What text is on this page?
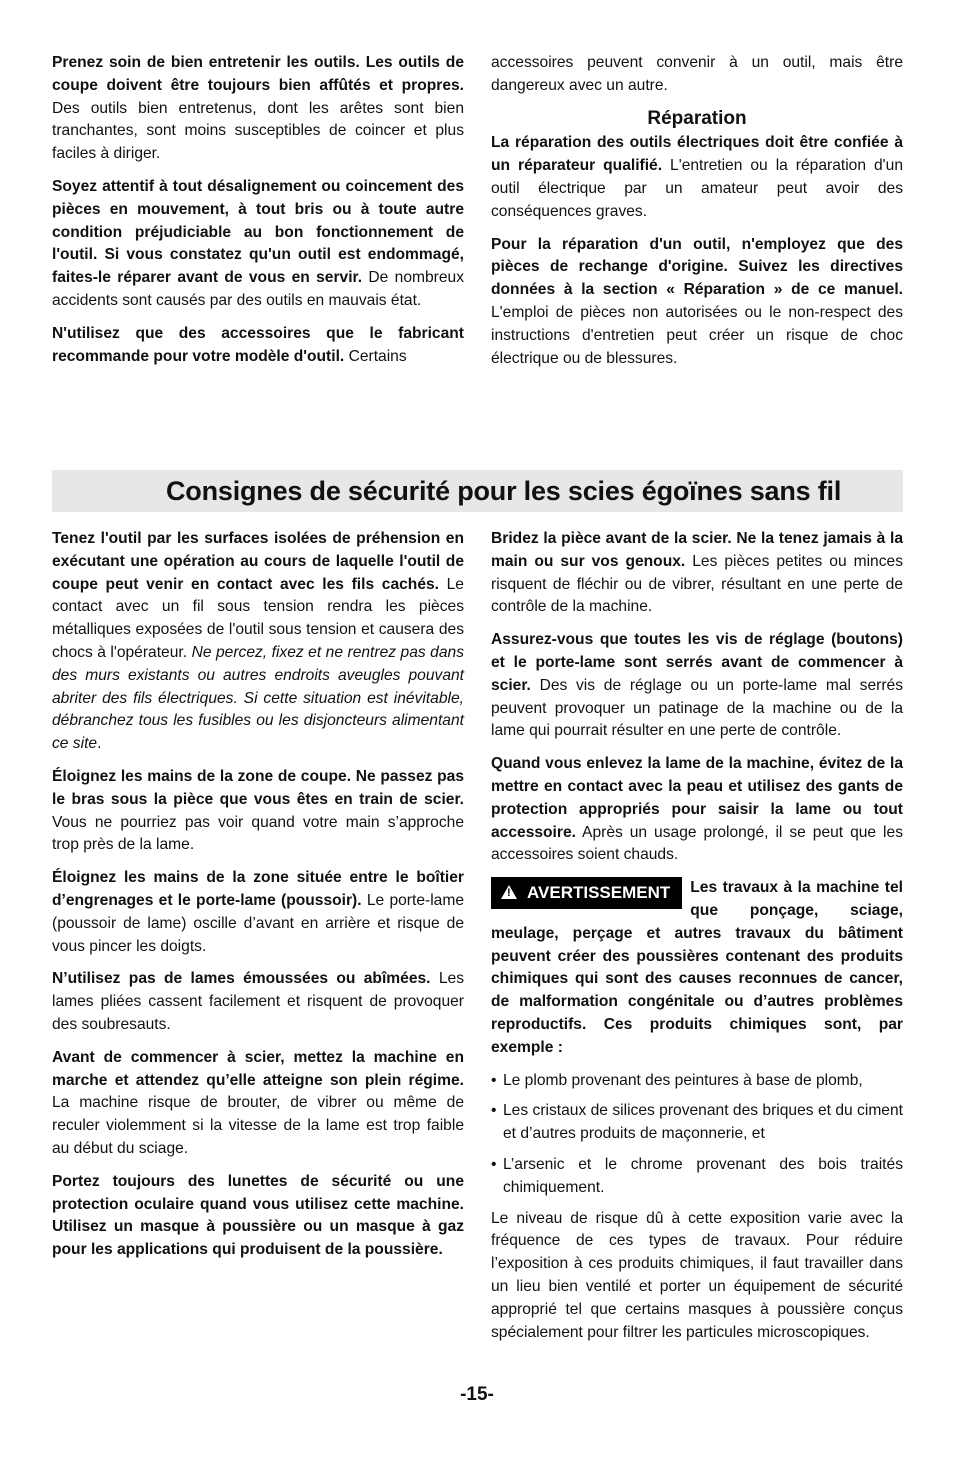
Prenez soin de bien entretenir les outils. Les outils de coupe doivent être toujours bien affûtés et propres. Des outils bien entretenus, dont les arêtes sont bien tranchantes, sont moins susceptibles de coincer et plus faciles à diriger.

Soyez attentif à tout désalignement ou coincement des pièces en mouvement, à tout bris ou à toute autre condition préjudiciable au bon fonctionnement de l'outil. Si vous constatez qu'un outil est endommagé, faites-le réparer avant de vous en servir. De nombreux accidents sont causés par des outils en mauvais état.

N'utilisez que des accessoires que le fabricant recommande pour votre modèle d'outil. Certains

accessoires peuvent convenir à un outil, mais être dangereux avec un autre.

Réparation

La réparation des outils électriques doit être confiée à un réparateur qualifié. L'entretien ou la réparation d'un outil électrique par un amateur peut avoir des conséquences graves.

Pour la réparation d'un outil, n'employez que des pièces de rechange d'origine. Suivez les directives données à la section « Réparation » de ce manuel. L'emploi de pièces non autorisées ou le non-respect des instructions d'entretien peut créer un risque de choc électrique ou de blessures.

Consignes de sécurité pour les scies égoïnes sans fil

Tenez l'outil par les surfaces isolées de préhension en exécutant une opération au cours de laquelle l'outil de coupe peut venir en contact avec les fils cachés. Le contact avec un fil sous tension rendra les pièces métalliques exposées de l'outil sous tension et causera des chocs à l'opérateur. Ne percez, fixez et ne rentrez pas dans des murs existants ou autres endroits aveugles pouvant abriter des fils électriques. Si cette situation est inévitable, débranchez tous les fusibles ou les disjoncteurs alimentant ce site.

Éloignez les mains de la zone de coupe. Ne passez pas le bras sous la pièce que vous êtes en train de scier. Vous ne pourriez pas voir quand votre main s’approche trop près de la lame.

Éloignez les mains de la zone située entre le boîtier d’engrenages et le porte-lame (poussoir). Le porte-lame (poussoir de lame) oscille d’avant en arrière et risque de vous pincer les doigts.

N’utilisez pas de lames émoussées ou abîmées. Les lames pliées cassent facilement et risquent de provoquer des soubresauts.

Avant de commencer à scier, mettez la machine en marche et attendez qu’elle atteigne son plein régime. La machine risque de brouter, de vibrer ou même de reculer violemment si la vitesse de la lame est trop faible au début du sciage.

Portez toujours des lunettes de sécurité ou une protection oculaire quand vous utilisez cette machine. Utilisez un masque à poussière ou un masque à gaz pour les applications qui produisent de la poussière.

Bridez la pièce avant de la scier. Ne la tenez jamais à la main ou sur vos genoux. Les pièces petites ou minces risquent de fléchir ou de vibrer, résultant en une perte de contrôle de la machine.

Assurez-vous que toutes les vis de réglage (boutons) et le porte-lame sont serrés avant de commencer à scier. Des vis de réglage ou un porte-lame mal serrés peuvent provoquer un patinage de la machine ou de la lame qui pourrait résulter en une perte de contrôle.

Quand vous enlevez la lame de la machine, évitez de la mettre en contact avec la peau et utilisez des gants de protection appropriés pour saisir la lame ou tout accessoire. Après un usage prolongé, il se peut que les accessoires soient chauds.

! AVERTISSEMENT	Les travaux à la machine tel que ponçage, sciage, meulage, perçage et autres travaux du bâtiment peuvent créer des poussières contenant des produits chimiques qui sont des causes reconnues de cancer, de malformation congénitale ou d’autres problèmes reproductifs. Ces produits chimiques sont, par exemple :

• Le plomb provenant des peintures à base de plomb,
• Les cristaux de silices provenant des briques et du ciment et d’autres produits de maçonnerie, et
• L’arsenic et le chrome provenant des bois traités chimiquement.

Le niveau de risque dû à cette exposition varie avec la fréquence de ces types de travaux. Pour réduire l’exposition à ces produits chimiques, il faut travailler dans un lieu bien ventilé et porter un équipement de sécurité approprié tel que certains masques à poussière conçus spécialement pour filtrer les particules microscopiques.

-15-
